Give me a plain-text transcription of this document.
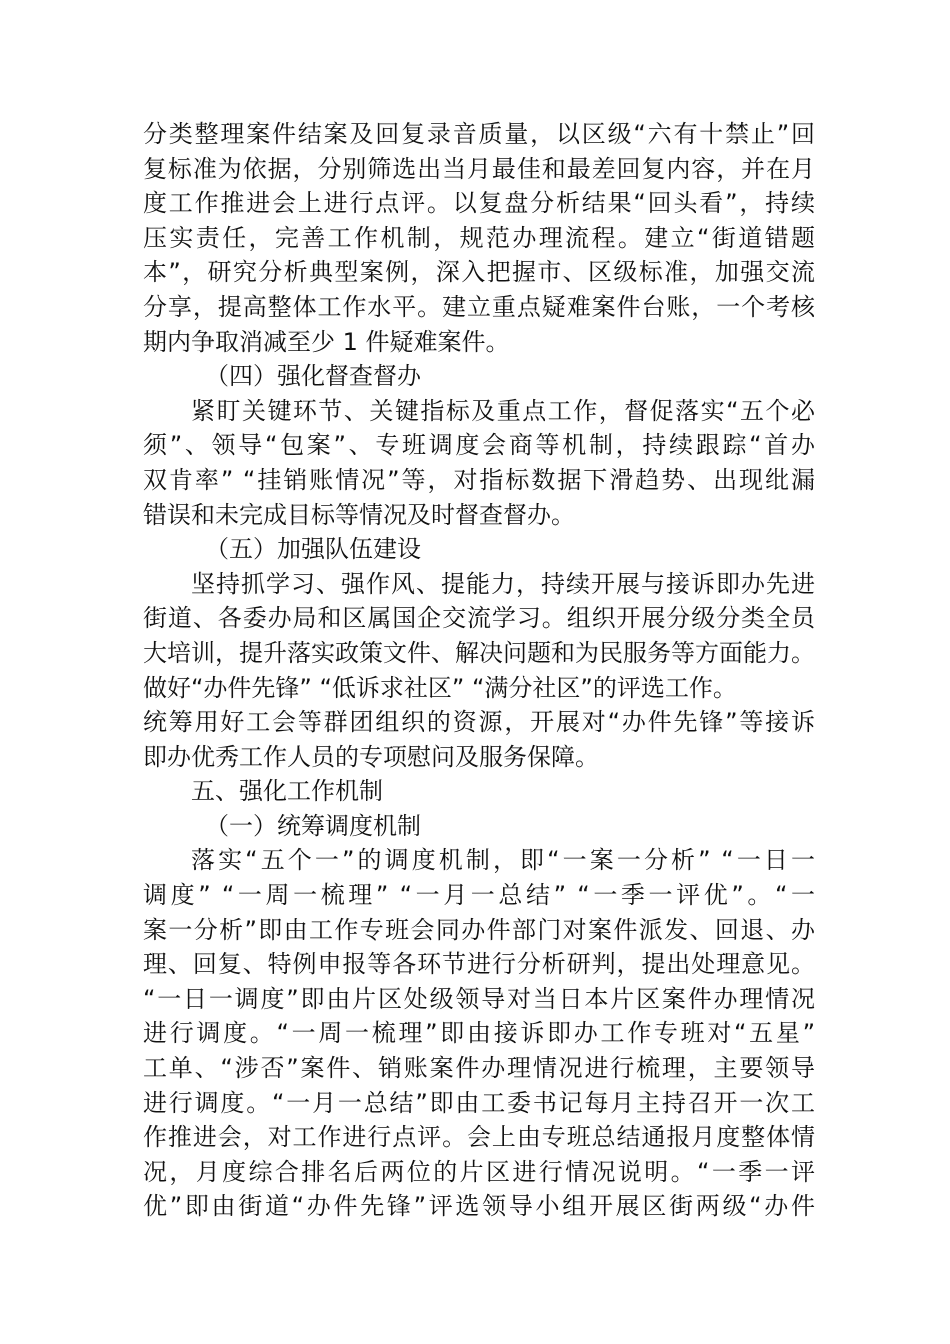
分类整理案件结案及回复录音质量，以区级“六有十禁止”回
复标准为依据，分别筛选出当月最佳和最差回复内容，并在月
度工作推进会上进行点评。以复盘分析结果“回头看”，持续
压实责任，完善工作机制，规范办理流程。建立“街道错题
本”，研究分析典型案例，深入把握市、区级标准，加强交流
分享，提高整体工作水平。建立重点疑难案件台账，一个考核
期内争取消减至少 1 件疑难案件。
（四）强化督查督办
紧盯关键环节、关键指标及重点工作，督促落实“五个必
须”、领导“包案”、专班调度会商等机制，持续跟踪“首办
双肯率” “挂销账情况”等，对指标数据下滑趋势、出现纰漏
错误和未完成目标等情况及时督查督办。
（五）加强队伍建设
坚持抓学习、强作风、提能力，持续开展与接诉即办先进
街道、各委办局和区属国企交流学习。组织开展分级分类全员
大培训，提升落实政策文件、解决问题和为民服务等方面能力。
做好“办件先锋” “低诉求社区” “满分社区”的评选工作。
统筹用好工会等群团组织的资源，开展对“办件先锋”等接诉
即办优秀工作人员的专项慰问及服务保障。
五、强化工作机制
（一）统筹调度机制
落实“五个一”的调度机制，即“一案一分析” “一日一
调度” “一周一梳理” “一月一总结” “一季一评优”。“一
案一分析”即由工作专班会同办件部门对案件派发、回退、办
理、回复、特例申报等各环节进行分析研判，提出处理意见。
“一日一调度”即由片区处级领导对当日本片区案件办理情况
进行调度。“一周一梳理”即由接诉即办工作专班对“五星”
工单、“涉否”案件、销账案件办理情况进行梳理，主要领导
进行调度。“一月一总结”即由工委书记每月主持召开一次工
作推进会，对工作进行点评。会上由专班总结通报月度整体情
况，月度综合排名后两位的片区进行情况说明。“一季一评
优”即由街道“办件先锋”评选领导小组开展区街两级“办件
